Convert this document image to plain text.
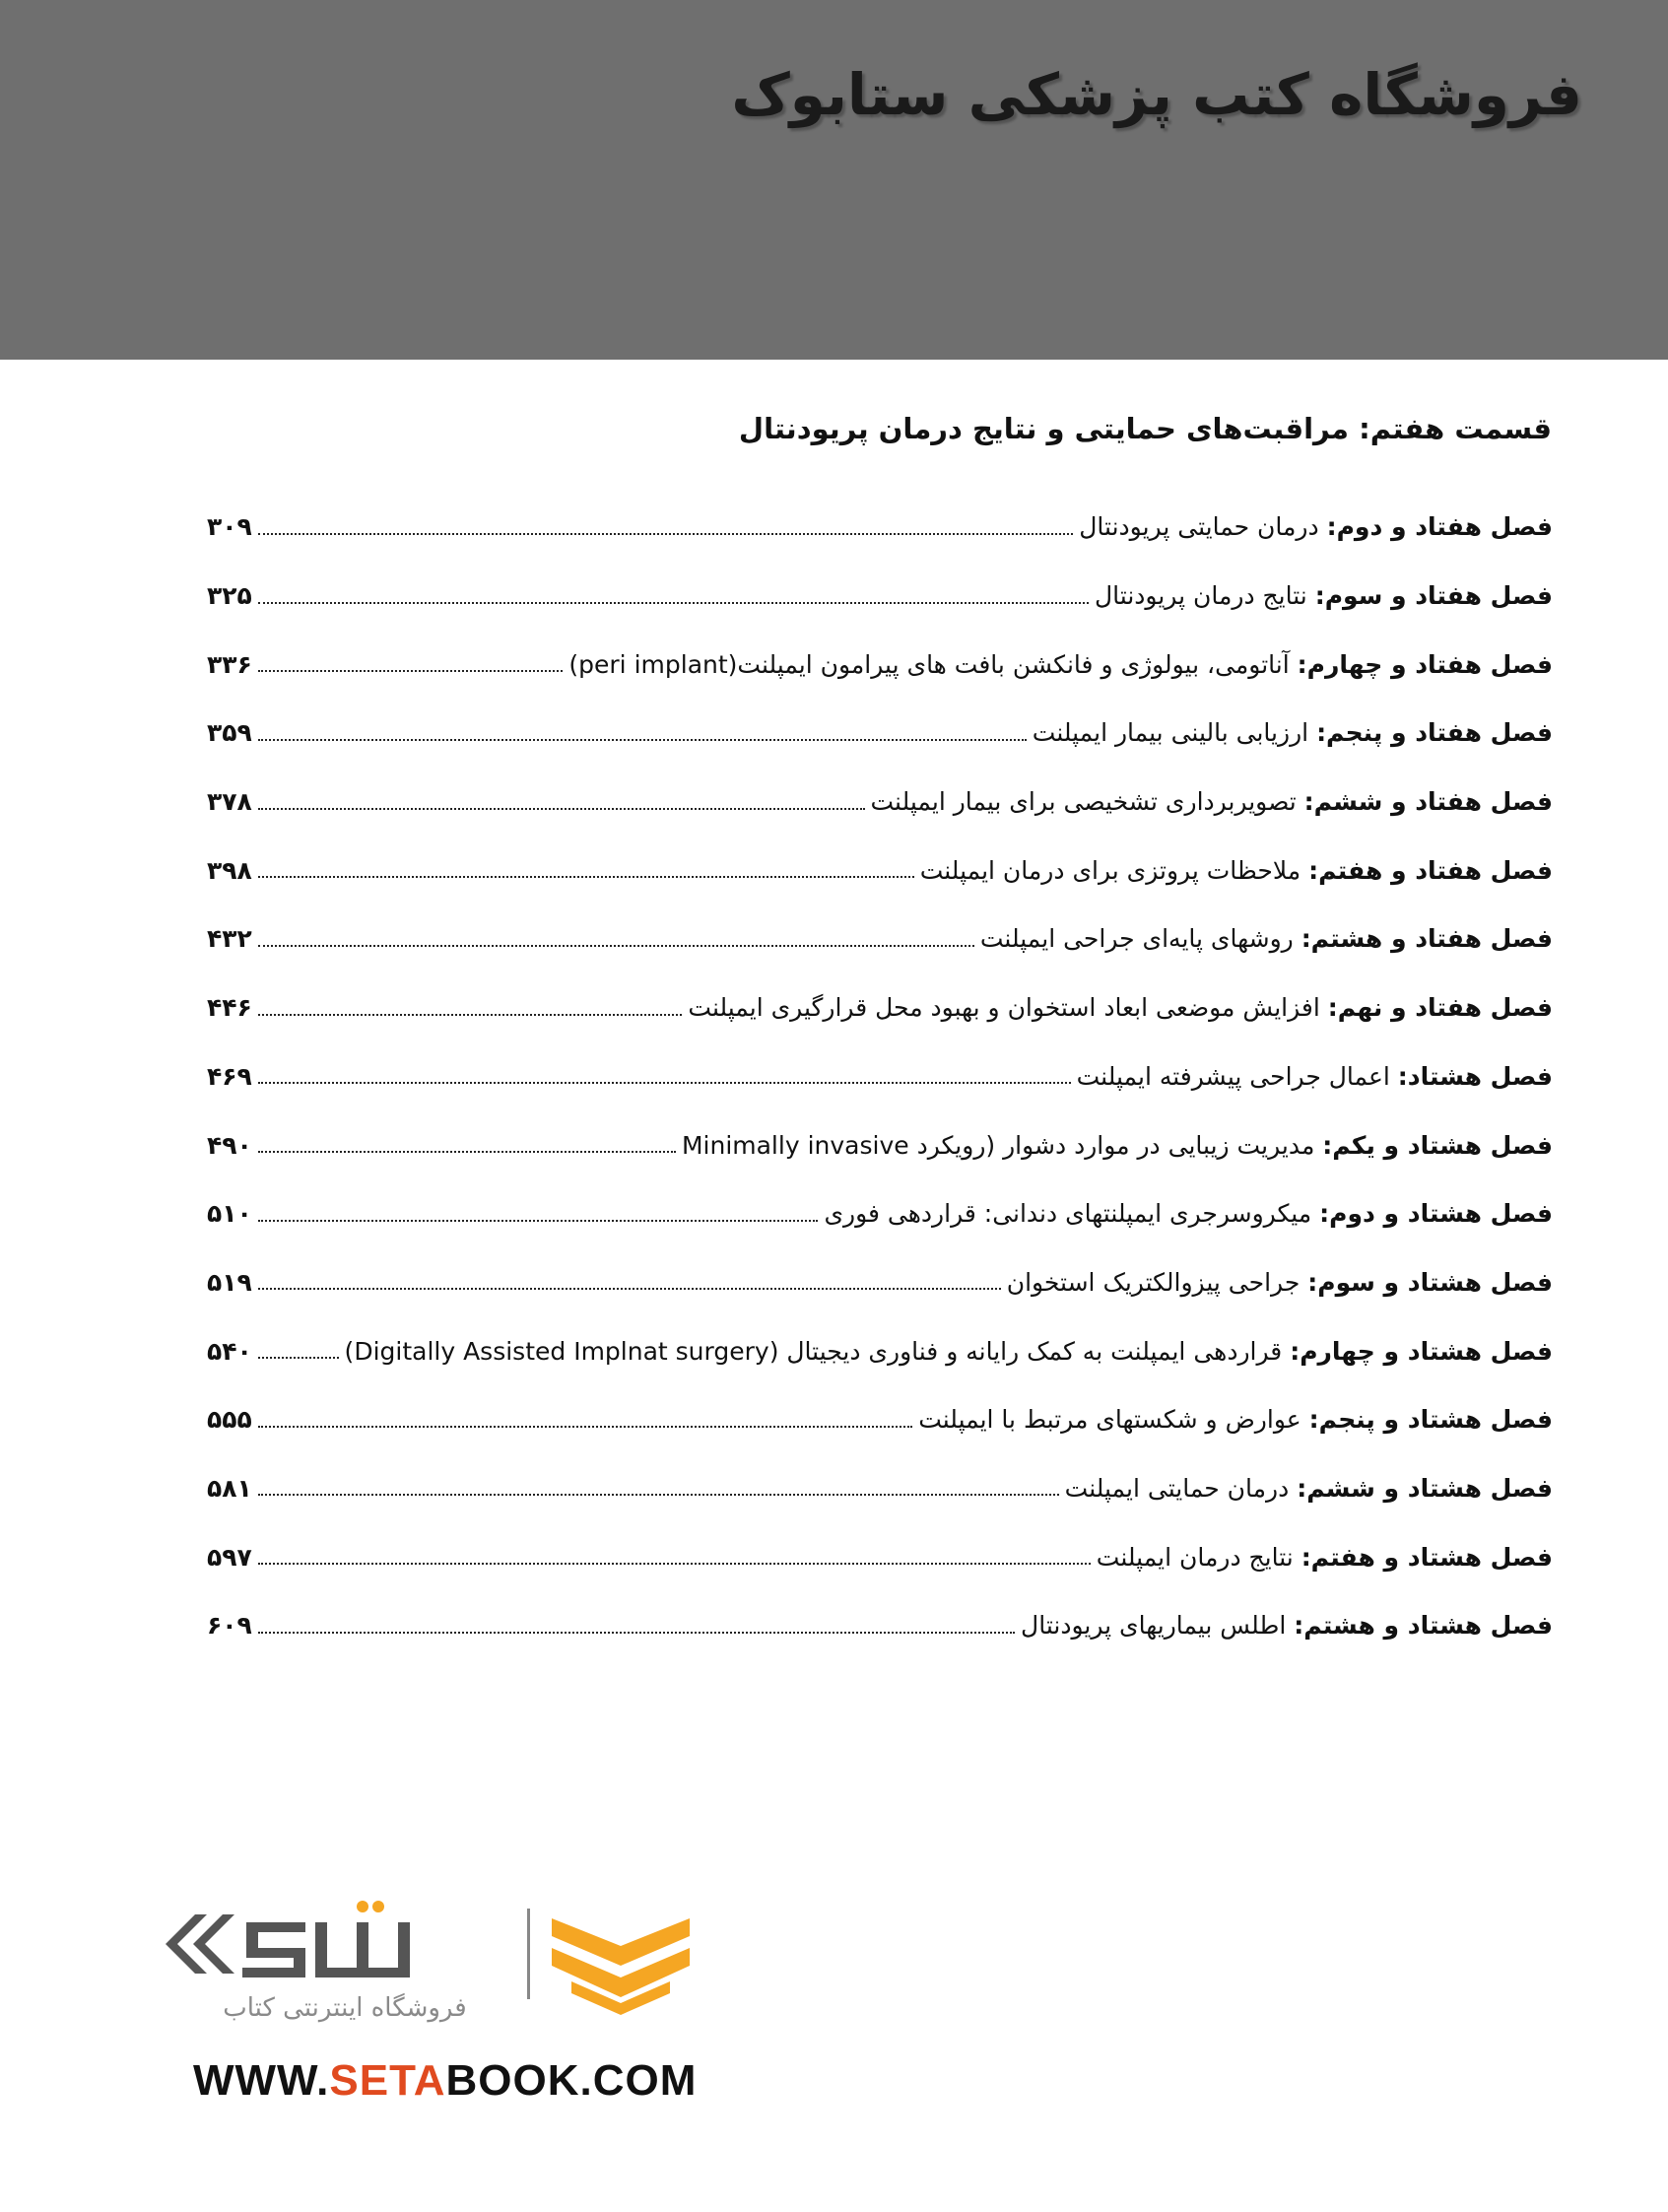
فروشگاه کتب پزشکی ستابوک
قسمت هفتم: مراقبت‌های حمایتی و نتایج درمان پریودنتال
۳۰۹	فصل هفتاد و دوم: درمان حمایتی پریودنتال
۳۲۵	فصل هفتاد و سوم: نتایج درمان پریودنتال
۳۳۶	فصل هفتاد و چهارم: آناتومی، بیولوژی و فانکشن بافت های پیرامون ایمپلنت(peri implant)
۳۵۹	فصل هفتاد و پنجم: ارزیابی بالینی بیمار ایمپلنت
۳۷۸	فصل هفتاد و ششم: تصویربرداری تشخیصی برای بیمار ایمپلنت
۳۹۸	فصل هفتاد و هفتم: ملاحظات پروتزی برای درمان ایمپلنت
۴۳۲	فصل هفتاد و هشتم: روشهای پایه‌ای جراحی ایمپلنت
۴۴۶	فصل هفتاد و نهم: افزایش موضعی ابعاد استخوان و بهبود محل قرارگیری ایمپلنت
۴۶۹	فصل هشتاد: اعمال جراحی پیشرفته ایمپلنت
۴۹۰	فصل هشتاد و یکم: مدیریت زیبایی در موارد دشوار (رویکرد Minimally invasive
۵۱۰	فصل هشتاد و دوم: میکروسرجری ایمپلنتهای دندانی: قراردهی فوری
۵۱۹	فصل هشتاد و سوم: جراحی پیزوالکتریک استخوان
۵۴۰	فصل هشتاد و چهارم: قراردهی ایمپلنت به کمک رایانه و فناوری دیجیتال (Digitally Assisted Implnat surgery)
۵۵۵	فصل هشتاد و پنجم: عوارض و شکستهای مرتبط با ایمپلنت
۵۸۱	فصل هشتاد و ششم: درمان حمایتی ایمپلنت
۵۹۷	فصل هشتاد و هفتم: نتایج درمان ایمپلنت
۶۰۹	فصل هشتاد و هشتم: اطلس بیماریهای پریودنتال
فروشگاه اینترنتی کتاب
WWW.SETABOOK.COM
